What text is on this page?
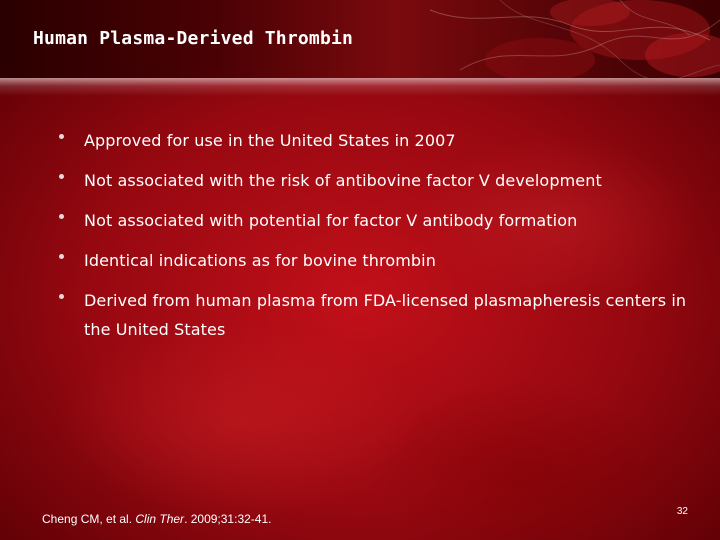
Human Plasma-Derived Thrombin
Approved for use in the United States in 2007
Not associated with the risk of antibovine factor V development
Not associated with potential for factor V antibody formation
Identical indications as for bovine thrombin
Derived from human plasma from FDA-licensed plasmapheresis centers in the United States
Cheng CM, et al. Clin Ther. 2009;31:32-41.
32
